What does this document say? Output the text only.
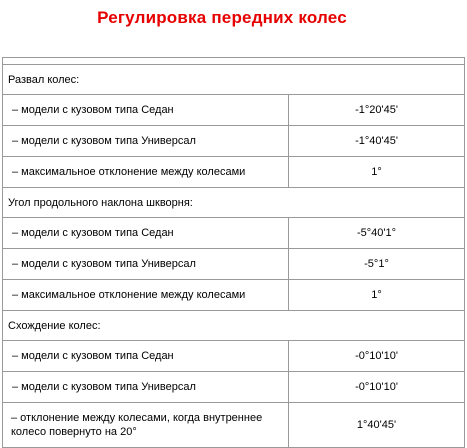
Регулировка передних колес

Развал колес:	
– модели с кузовом типа Седан	-1°20'45'
– модели с кузовом типа Универсал	-1°40'45'
– максимальное отклонение между колесами	1°
Угол продольного наклона шкворня:	
– модели с кузовом типа Седан	-5°40'1°
– модели с кузовом типа Универсал	-5°1°
– максимальное отклонение между колесами	1°
Схождение колес:	
– модели с кузовом типа Седан	-0°10'10'
– модели с кузовом типа Универсал	-0°10'10'
– отклонение между колесами, когда внутреннее колесо повернуто на 20°	1°40'45'
